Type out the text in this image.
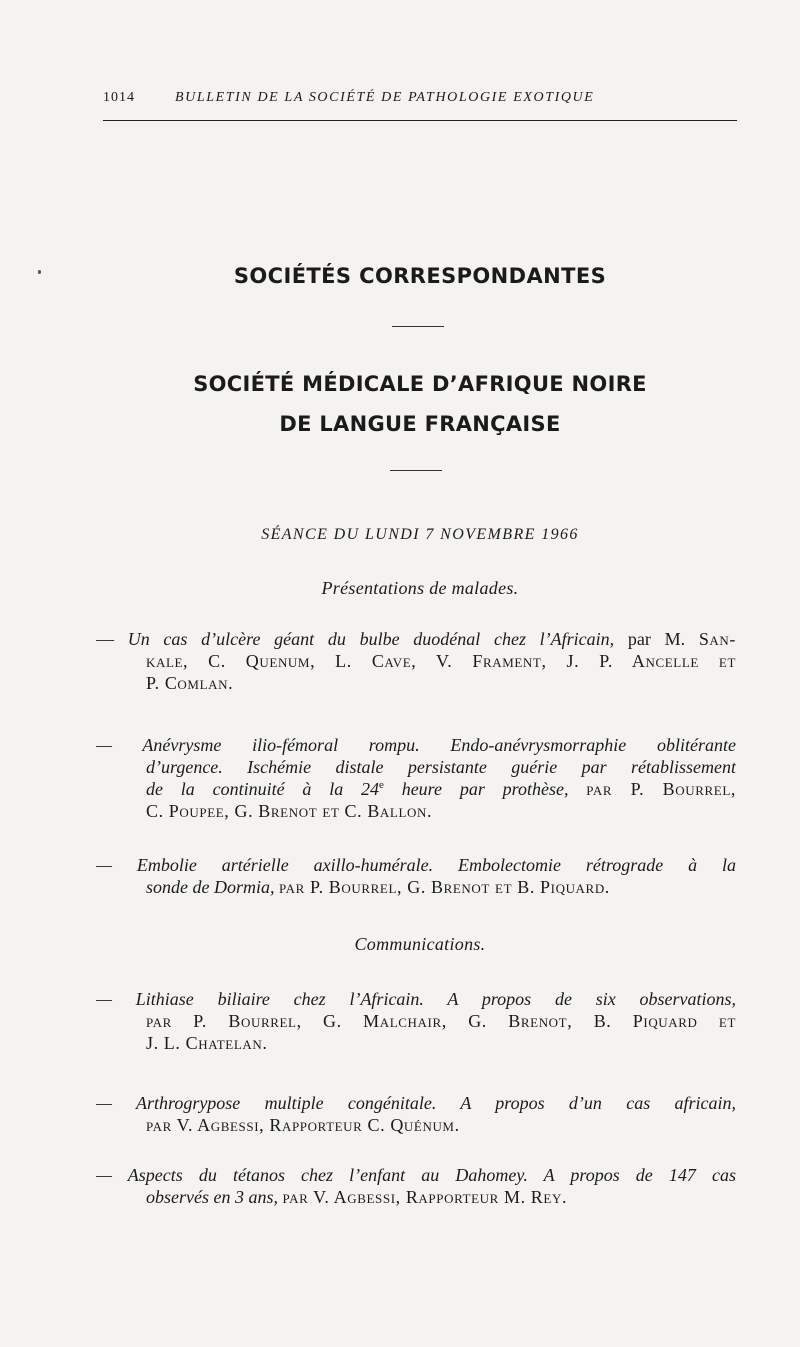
1014	BULLETIN DE LA SOCIÉTÉ DE PATHOLOGIE EXOTIQUE
SOCIÉTÉS CORRESPONDANTES
SOCIÉTÉ MÉDICALE D’AFRIQUE NOIRE
DE LANGUE FRANÇAISE
SÉANCE DU LUNDI 7 NOVEMBRE 1966
Présentations de malades.
— Un cas d’ulcère géant du bulbe duodénal chez l’Africain, par M. San-
kale, C. Quenum, L. Cave, V. Frament, J. P. Ancelle et
P. Comlan.
— Anévrysme ilio-fémoral rompu. Endo-anévrysmorraphie oblitérante
d’urgence. Ischémie distale persistante guérie par rétablissement
de la continuité à la 24e heure par prothèse, par P. Bourrel,
C. Poupee, G. Brenot et C. Ballon.
— Embolie artérielle axillo-humérale. Embolectomie rétrograde à la
sonde de Dormia, par P. Bourrel, G. Brenot et B. Piquard.
Communications.
— Lithiase biliaire chez l’Africain. A propos de six observations,
par P. Bourrel, G. Malchair, G. Brenot, B. Piquard et
J. L. Chatelan.
— Arthrogrypose multiple congénitale. A propos d’un cas africain,
par V. Agbessi, Rapporteur C. Quénum.
— Aspects du tétanos chez l’enfant au Dahomey. A propos de 147 cas
observés en 3 ans, par V. Agbessi, Rapporteur M. Rey.
